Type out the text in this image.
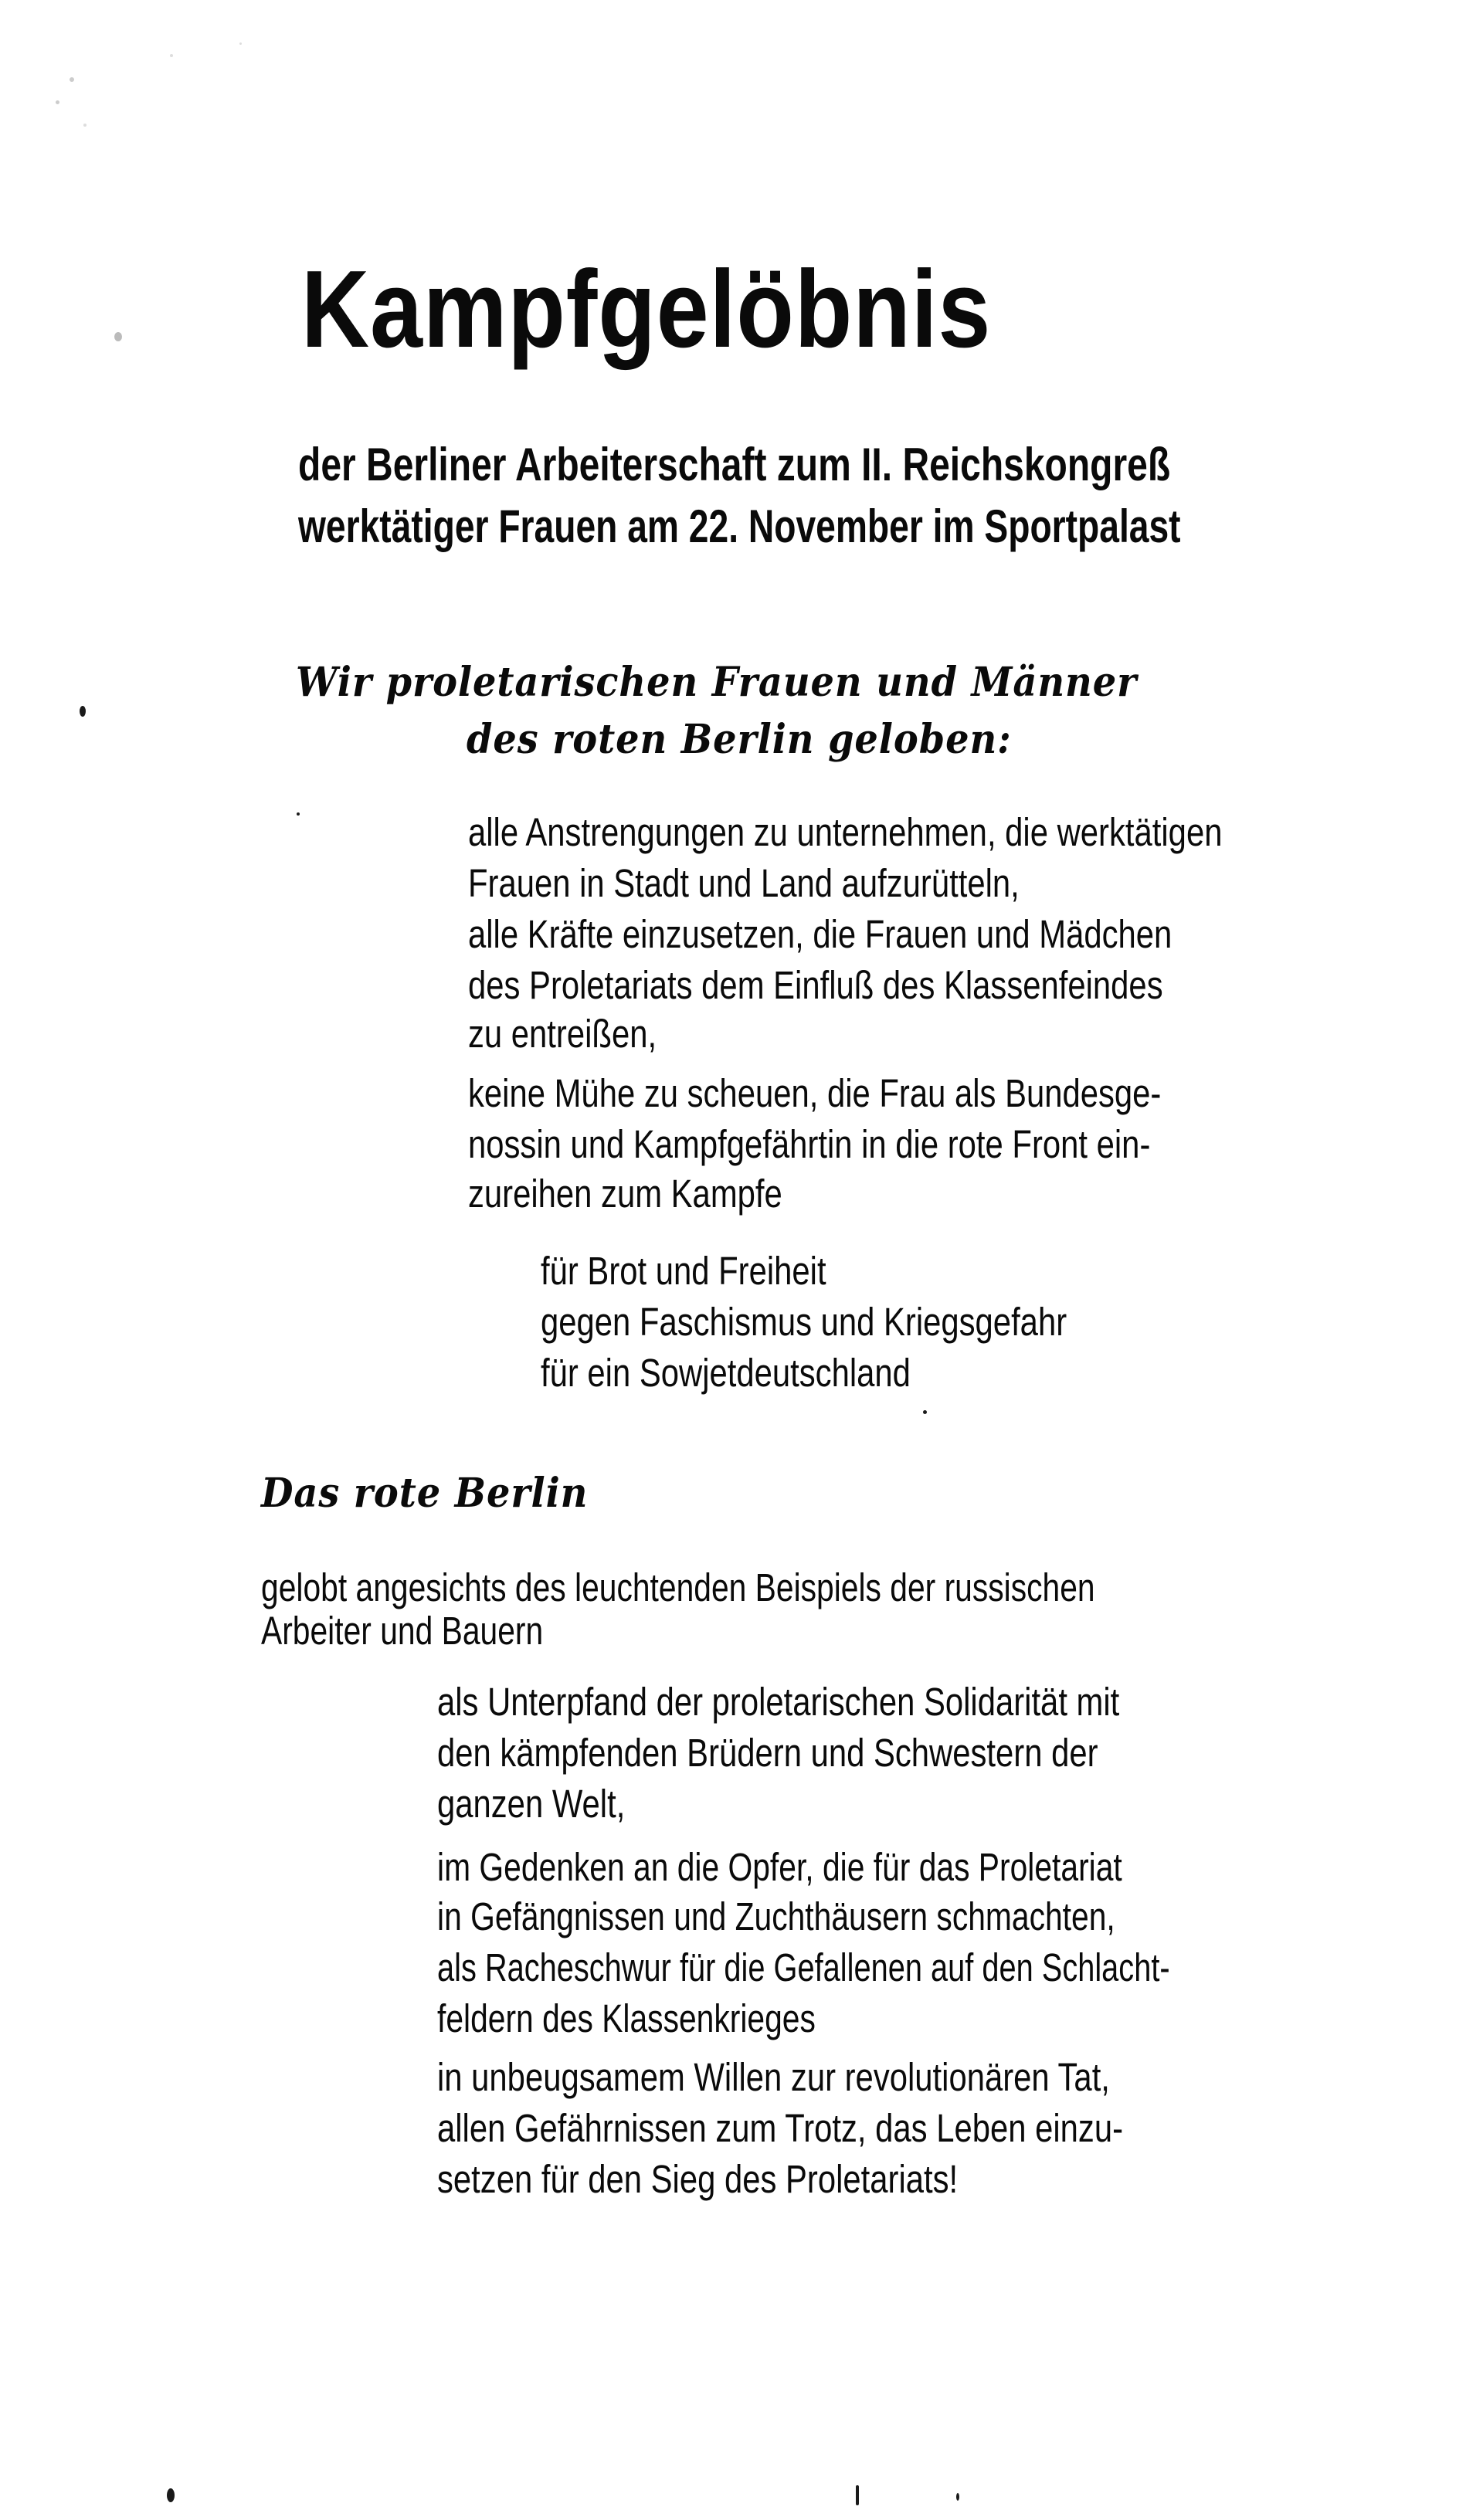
Kampfgelöbnis
der Berliner Arbeiterschaft zum II. Reichskongreß
werktätiger Frauen am 22. November im Sportpalast
Wir proletarischen Frauen und Männer
des roten Berlin geloben:
alle Anstrengungen zu unternehmen, die werktätigen
Frauen in Stadt und Land aufzurütteln,
alle Kräfte einzusetzen, die Frauen und Mädchen
des Proletariats dem Einfluß des Klassenfeindes
zu entreißen,
keine Mühe zu scheuen, die Frau als Bundesge-
nossin und Kampfgefährtin in die rote Front ein-
zureihen zum Kampfe
für Brot und Freiheit
gegen Faschismus und Kriegsgefahr
für ein Sowjetdeutschland
Das rote Berlin
gelobt angesichts des leuchtenden Beispiels der russischen
Arbeiter und Bauern
als Unterpfand der proletarischen Solidarität mit
den kämpfenden Brüdern und Schwestern der
ganzen Welt,
im Gedenken an die Opfer, die für das Proletariat
in Gefängnissen und Zuchthäusern schmachten,
als Racheschwur für die Gefallenen auf den Schlacht-
feldern des Klassenkrieges
in unbeugsamem Willen zur revolutionären Tat,
allen Gefährnissen zum Trotz, das Leben einzu-
setzen für den Sieg des Proletariats!
